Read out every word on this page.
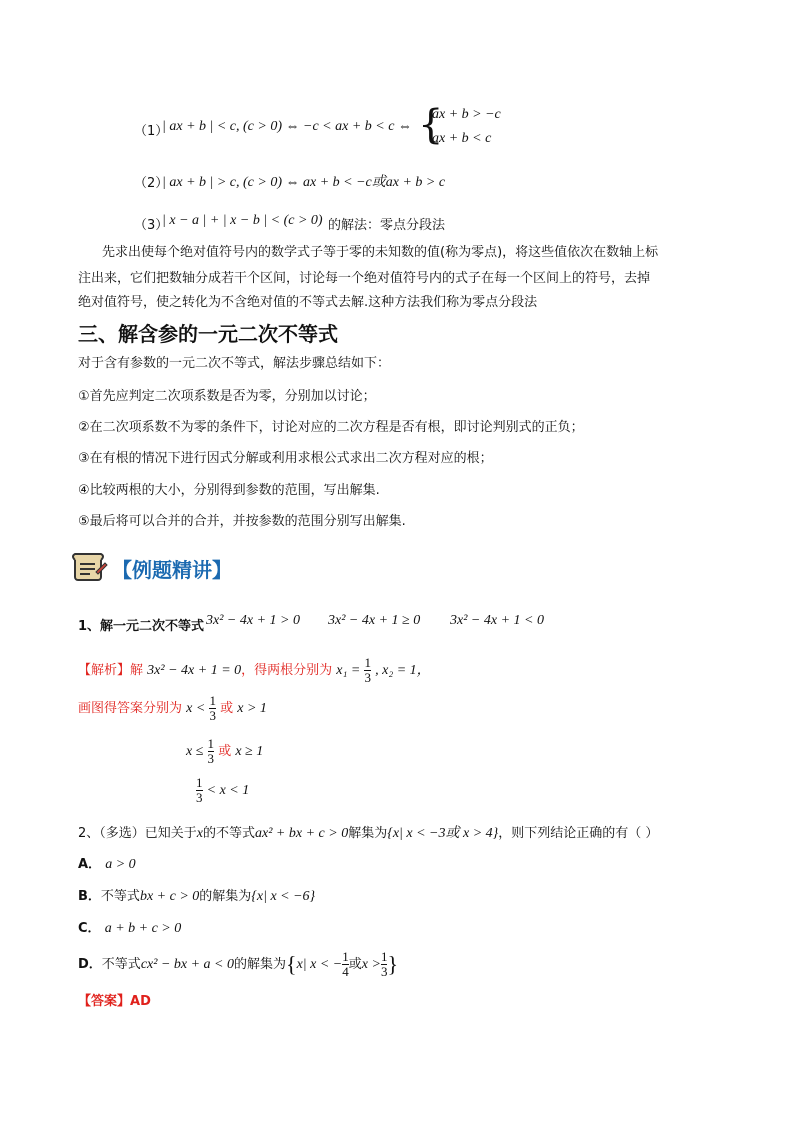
（1）
| ax + b | < c, (c > 0) ⇔ −c < ax + b < c ⇔ {
ax + b > −c
ax + b < c
（2）
| ax + b | > c, (c > 0) ⇔ ax + b < −c或ax + b > c
（3）
| x − a | + | x − b | < (c > 0) 的解法：零点分段法
先求出使每个绝对值符号内的数学式子等于零的未知数的值(称为零点)，将这些值依次在数轴上标
注出来，它们把数轴分成若干个区间，讨论每一个绝对值符号内的式子在每一个区间上的符号，去掉
绝对值符号，使之转化为不含绝对值的不等式去解.这种方法我们称为零点分段法
三、解含参的一元二次不等式
对于含有参数的一元二次不等式，解法步骤总结如下：
①首先应判定二次项系数是否为零，分别加以讨论；
②在二次项系数不为零的条件下，讨论对应的二次方程是否有根，即讨论判别式的正负；
③在有根的情况下进行因式分解或利用求根公式求出二次方程对应的根；
④比较两根的大小，分别得到参数的范围，写出解集.
⑤最后将可以合并的合并，并按参数的范围分别写出解集.
【例题精讲】
1、解一元二次不等式 3x² − 4x + 1 > 0 3x² − 4x + 1 ≥ 0 3x² − 4x + 1 < 0
【解析】解 3x² − 4x + 1 = 0，得两根分别为 $x_1 = \frac{1}{3}$ , x₂ = 1，
画图得答案分别为 $x < \frac{1}{3}$ 或 x > 1
$x \le \frac{1}{3}$ 或 x ≥ 1
$\frac{1}{3} < x < 1$
2、（多选）已知关于x的不等式ax² + bx + c > 0解集为{x| x < −3或 x > 4}，则下列结论正确的有（ ）
A． a > 0
B．不等式bx + c > 0的解集为{x| x < −6}
C． a + b + c > 0
D．不等式cx² − bx + a < 0的解集为{x| x < − $\frac{1}{4}$ 或$x > \frac{1}{3}$ }
【答案】AD
